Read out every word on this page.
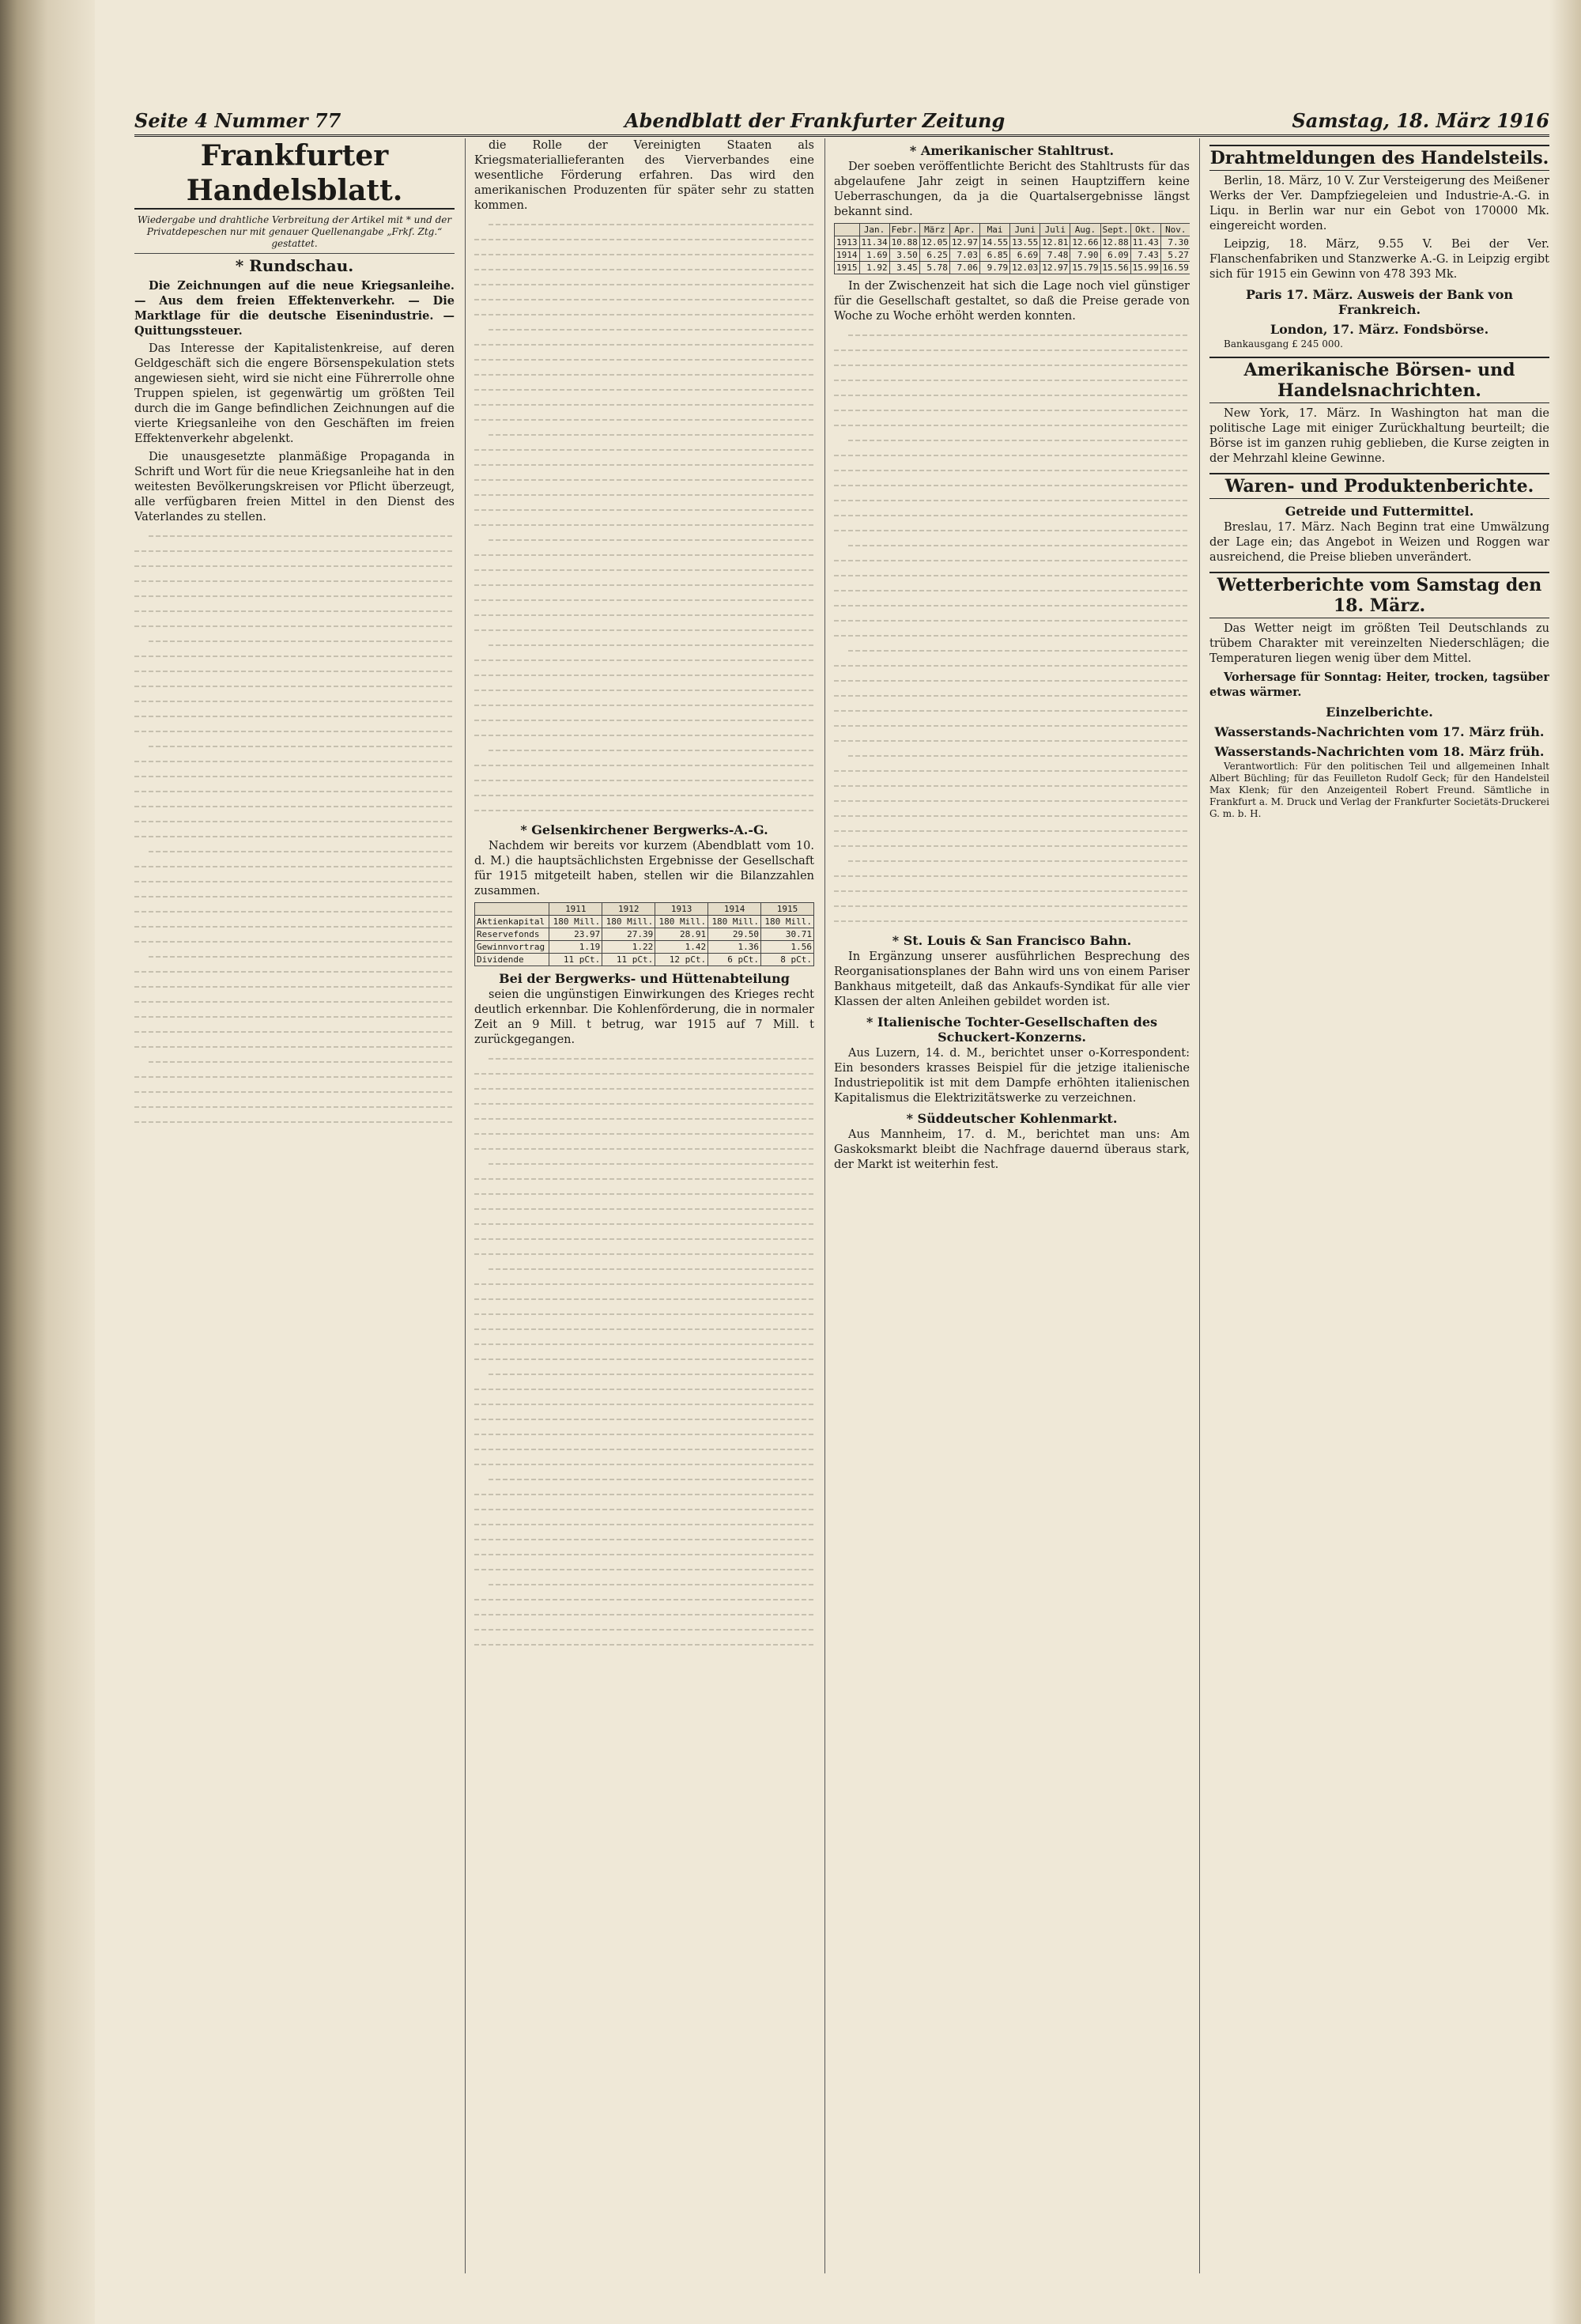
Seite 4 Nummer 77	Abendblatt der Frankfurter Zeitung	Samstag, 18. März 1916
Frankfurter Handelsblatt.
Wiedergabe und drahtliche Verbreitung der Artikel mit * und der Privatdepeschen nur mit genauer Quellenangabe „Frkf. Ztg.“ gestattet.
* Rundschau.

Die Zeichnungen auf die neue Kriegsanleihe. — Aus dem freien Effektenverkehr. — Die Marktlage für die deutsche Eisenindustrie. — Quittungssteuer.

Das Interesse der Kapitalistenkreise, auf deren Geldgeschäft sich die engere Börsenspekulation stets angewiesen sieht, wird sie nicht eine Führerrolle ohne Truppen spielen, ist gegenwärtig um größten Teil durch die im Gange befindlichen Zeichnungen auf die vierte Kriegsanleihe von den Geschäften im freien Effektenverkehr abgelenkt.

Die unausgesetzte planmäßige Propaganda in Schrift und Wort für die neue Kriegsanleihe hat in den weitesten Bevölkerungskreisen vor Pflicht überzeugt, alle verfügbaren freien Mittel in den Dienst des Vaterlandes zu stellen.

die Rolle der Vereinigten Staaten als Kriegsmateriallieferanten des Vierverbandes eine wesentliche Förderung erfahren. Das wird den amerikanischen Produzenten für später sehr zu statten kommen.

* Gelsenkirchener Bergwerks-A.-G.

Nachdem wir bereits vor kurzem (Abendblatt vom 10. d. M.) die hauptsächlichsten Ergebnisse der Gesellschaft für 1915 mitgeteilt haben, stellen wir die Bilanzzahlen zusammen.

	1911	1912	1913	1914	1915
Aktienkapital	180 Mill.	180 Mill.	180 Mill.	180 Mill.	180 Mill.
Reservefonds	23.97	27.39	28.91	29.50	30.71
Gewinnvortrag	1.19	1.22	1.42	1.36	1.56
Dividende	11 pCt.	11 pCt.	12 pCt.	6 pCt.	8 pCt.
Bei der Bergwerks- und Hüttenabteilung

seien die ungünstigen Einwirkungen des Krieges recht deutlich erkennbar. Die Kohlenförderung, die in normaler Zeit an 9 Mill. t betrug, war 1915 auf 7 Mill. t zurückgegangen.

* Amerikanischer Stahltrust.

Der soeben veröffentlichte Bericht des Stahltrusts für das abgelaufene Jahr zeigt in seinen Hauptziffern keine Ueberraschungen, da ja die Quartalsergebnisse längst bekannt sind.

	Jan.	Febr.	März	Apr.	Mai	Juni	Juli	Aug.	Sept.	Okt.	Nov.	
1913	11.34	10.88	12.05	12.97	14.55	13.55	12.81	12.66	12.88	11.43	7.30	
1914	1.69	3.50	6.25	7.03	6.85	6.69	7.48	7.90	6.09	7.43	5.27	
1915	1.92	3.45	5.78	7.06	9.79	12.03	12.97	15.79	15.56	15.99	16.59	

In der Zwischenzeit hat sich die Lage noch viel günstiger für die Gesellschaft gestaltet, so daß die Preise gerade von Woche zu Woche erhöht werden konnten.

* St. Louis & San Francisco Bahn.

In Ergänzung unserer ausführlichen Besprechung des Reorganisationsplanes der Bahn wird uns von einem Pariser Bankhaus mitgeteilt, daß das Ankaufs-Syndikat für alle vier Klassen der alten Anleihen gebildet worden ist.

* Italienische Tochter-Gesellschaften des Schuckert-Konzerns.

Aus Luzern, 14. d. M., berichtet unser o-Korrespondent: Ein besonders krasses Beispiel für die jetzige italienische Industriepolitik ist mit dem Dampfe erhöhten italienischen Kapitalismus die Elektrizitätswerke zu verzeichnen.

* Süddeutscher Kohlenmarkt.

Aus Mannheim, 17. d. M., berichtet man uns: Am Gaskoksmarkt bleibt die Nachfrage dauernd überaus stark, der Markt ist weiterhin fest.

Drahtmeldungen des Handelsteils.

Berlin, 18. März, 10 V. Zur Versteigerung des Meißener Werks der Ver. Dampfziegeleien und Industrie-A.-G. in Liqu. in Berlin war nur ein Gebot von 170000 Mk. eingereicht worden.

Leipzig, 18. März, 9.55 V. Bei der Ver. Flanschenfabriken und Stanzwerke A.-G. in Leipzig ergibt sich für 1915 ein Gewinn von 478 393 Mk.

Paris 17. März. Ausweis der Bank von Frankreich.
London, 17. März. Fondsbörse.

Bankausgang £ 245 000.

Amerikanische Börsen- und Handelsnachrichten.

New York, 17. März. In Washington hat man die politische Lage mit einiger Zurückhaltung beurteilt; die Börse ist im ganzen ruhig geblieben, die Kurse zeigten in der Mehrzahl kleine Gewinne.

Waren- und Produktenberichte.
Getreide und Futtermittel.

Breslau, 17. März. Nach Beginn trat eine Umwälzung der Lage ein; das Angebot in Weizen und Roggen war ausreichend, die Preise blieben unverändert.

Wetterberichte vom Samstag den 18. März.

Das Wetter neigt im größten Teil Deutschlands zu trübem Charakter mit vereinzelten Niederschlägen; die Temperaturen liegen wenig über dem Mittel.

Vorhersage für Sonntag: Heiter, trocken, tagsüber etwas wärmer.

Einzelberichte.
Wasserstands-Nachrichten vom 17. März früh.
Wasserstands-Nachrichten vom 18. März früh.

Verantwortlich: Für den politischen Teil und allgemeinen Inhalt Albert Büchling; für das Feuilleton Rudolf Geck; für den Handelsteil Max Klenk; für den Anzeigenteil Robert Freund. Sämtliche in Frankfurt a. M. Druck und Verlag der Frankfurter Societäts-Druckerei G. m. b. H.
